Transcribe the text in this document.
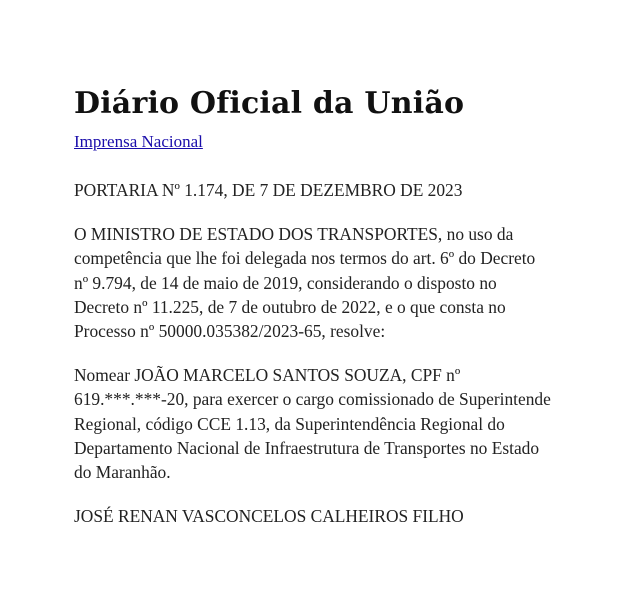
Diário Oficial da União
Imprensa Nacional

PORTARIA Nº 1.174, DE 7 DE DEZEMBRO DE 2023

O MINISTRO DE ESTADO DOS TRANSPORTES, no uso da
competência que lhe foi delegada nos termos do art. 6º do Decreto
nº 9.794, de 14 de maio de 2019, considerando o disposto no
Decreto nº 11.225, de 7 de outubro de 2022, e o que consta no
Processo nº 50000.035382/2023-65, resolve:

Nomear JOÃO MARCELO SANTOS SOUZA, CPF nº
619.***.***-20, para exercer o cargo comissionado de Superintende
Regional, código CCE 1.13, da Superintendência Regional do
Departamento Nacional de Infraestrutura de Transportes no Estado
do Maranhão.

JOSÉ RENAN VASCONCELOS CALHEIROS FILHO
